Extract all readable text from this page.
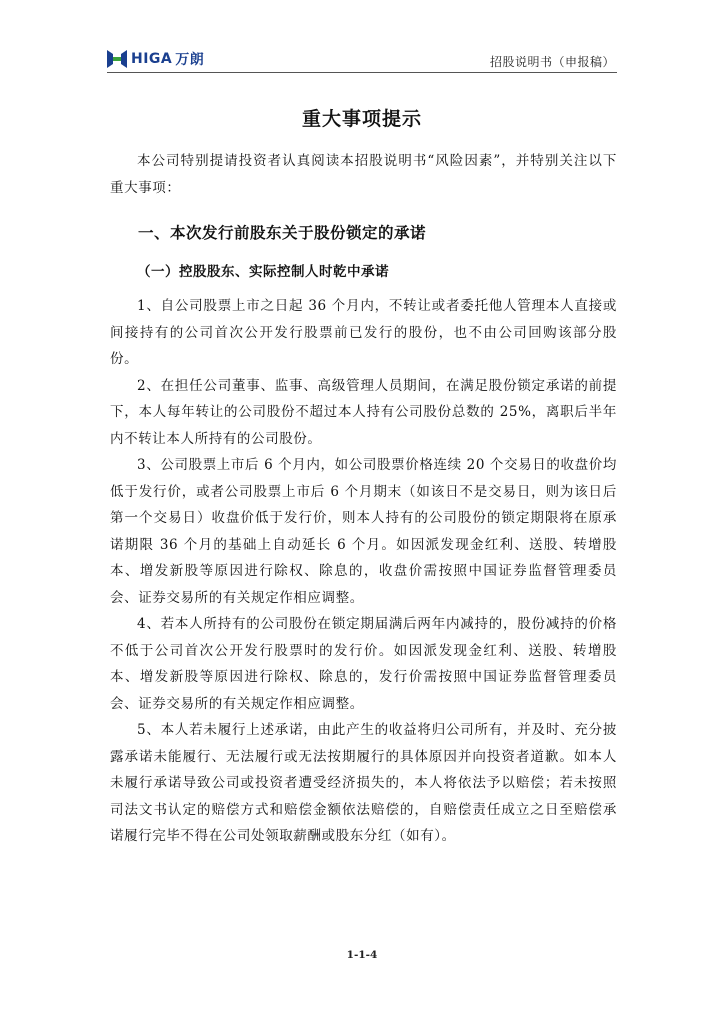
HIGA 万朗	招股说明书（申报稿）
重大事项提示

本公司特别提请投资者认真阅读本招股说明书“风险因素”，并特别关注以下重大事项：

一、本次发行前股东关于股份锁定的承诺
（一）控股股东、实际控制人时乾中承诺

1、自公司股票上市之日起 36 个月内，不转让或者委托他人管理本人直接或间接持有的公司首次公开发行股票前已发行的股份，也不由公司回购该部分股份。

2、在担任公司董事、监事、高级管理人员期间，在满足股份锁定承诺的前提下，本人每年转让的公司股份不超过本人持有公司股份总数的 25%，离职后半年内不转让本人所持有的公司股份。

3、公司股票上市后 6 个月内，如公司股票价格连续 20 个交易日的收盘价均低于发行价，或者公司股票上市后 6 个月期末（如该日不是交易日，则为该日后第一个交易日）收盘价低于发行价，则本人持有的公司股份的锁定期限将在原承诺期限 36 个月的基础上自动延长 6 个月。如因派发现金红利、送股、转增股本、增发新股等原因进行除权、除息的，收盘价需按照中国证券监督管理委员会、证券交易所的有关规定作相应调整。

4、若本人所持有的公司股份在锁定期届满后两年内减持的，股份减持的价格不低于公司首次公开发行股票时的发行价。如因派发现金红利、送股、转增股本、增发新股等原因进行除权、除息的，发行价需按照中国证券监督管理委员会、证券交易所的有关规定作相应调整。

5、本人若未履行上述承诺，由此产生的收益将归公司所有，并及时、充分披露承诺未能履行、无法履行或无法按期履行的具体原因并向投资者道歉。如本人未履行承诺导致公司或投资者遭受经济损失的，本人将依法予以赔偿；若未按照司法文书认定的赔偿方式和赔偿金额依法赔偿的，自赔偿责任成立之日至赔偿承诺履行完毕不得在公司处领取薪酬或股东分红（如有）。

1-1-4
